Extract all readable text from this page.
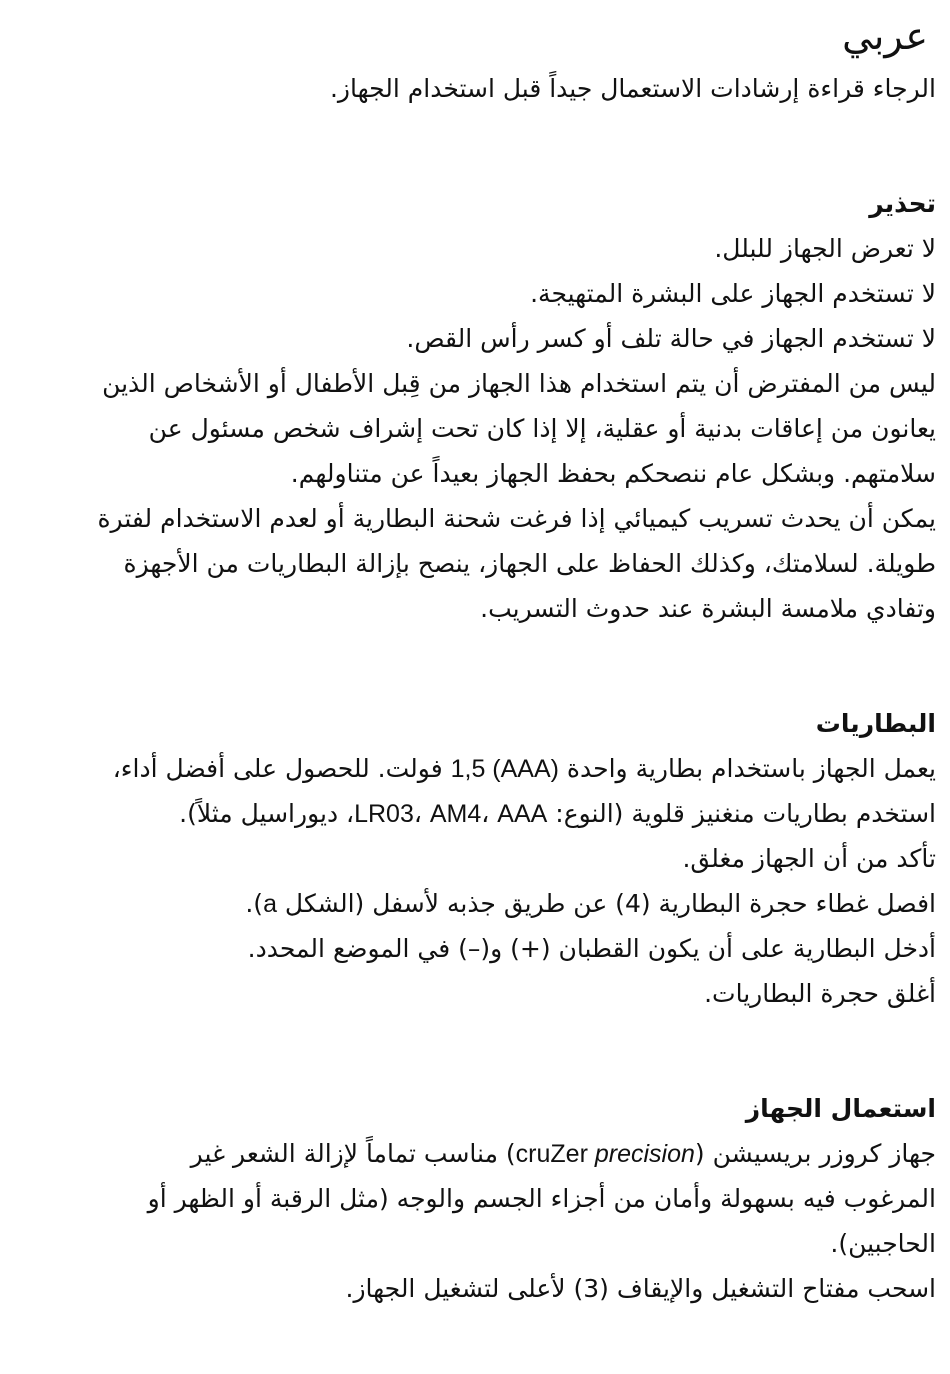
عربي

الرجاء قراءة إرشادات الاستعمال جيداً قبل استخدام الجهاز.

تحذير

لا تعرض الجهاز للبلل.

لا تستخدم الجهاز على البشرة المتهيجة.

لا تستخدم الجهاز في حالة تلف أو كسر رأس القص.

ليس من المفترض أن يتم استخدام هذا الجهاز من قِبل الأطفال أو الأشخاص الذين

يعانون من إعاقات بدنية أو عقلية، إلا إذا كان تحت إشراف شخص مسئول عن

سلامتهم. وبشكل عام ننصحكم بحفظ الجهاز بعيداً عن متناولهم.

يمكن أن يحدث تسريب كيميائي إذا فرغت شحنة البطارية أو لعدم الاستخدام لفترة

طويلة. لسلامتك، وكذلك الحفاظ على الجهاز، ينصح بإزالة البطاريات من الأجهزة

وتفادي ملامسة البشرة عند حدوث التسريب.

البطاريات

يعمل الجهاز باستخدام بطارية واحدة 1,5 (AAA) فولت. للحصول على أفضل أداء،

استخدم بطاريات منغنيز قلوية (النوع: LR03، AM4، AAA، ديوراسيل مثلاً).

تأكد من أن الجهاز مغلق.

افصل غطاء حجرة البطارية (4) عن طريق جذبه لأسفل (الشكل a).

أدخل البطارية على أن يكون القطبان (+) و(–) في الموضع المحدد.

أغلق حجرة البطاريات.

استعمال الجهاز

جهاز كروزر بريسيشن (cruZer precision) مناسب تماماً لإزالة الشعر غير

المرغوب فيه بسهولة وأمان من أجزاء الجسم والوجه (مثل الرقبة أو الظهر أو

الحاجبين).

اسحب مفتاح التشغيل والإيقاف (3) لأعلى لتشغيل الجهاز.
